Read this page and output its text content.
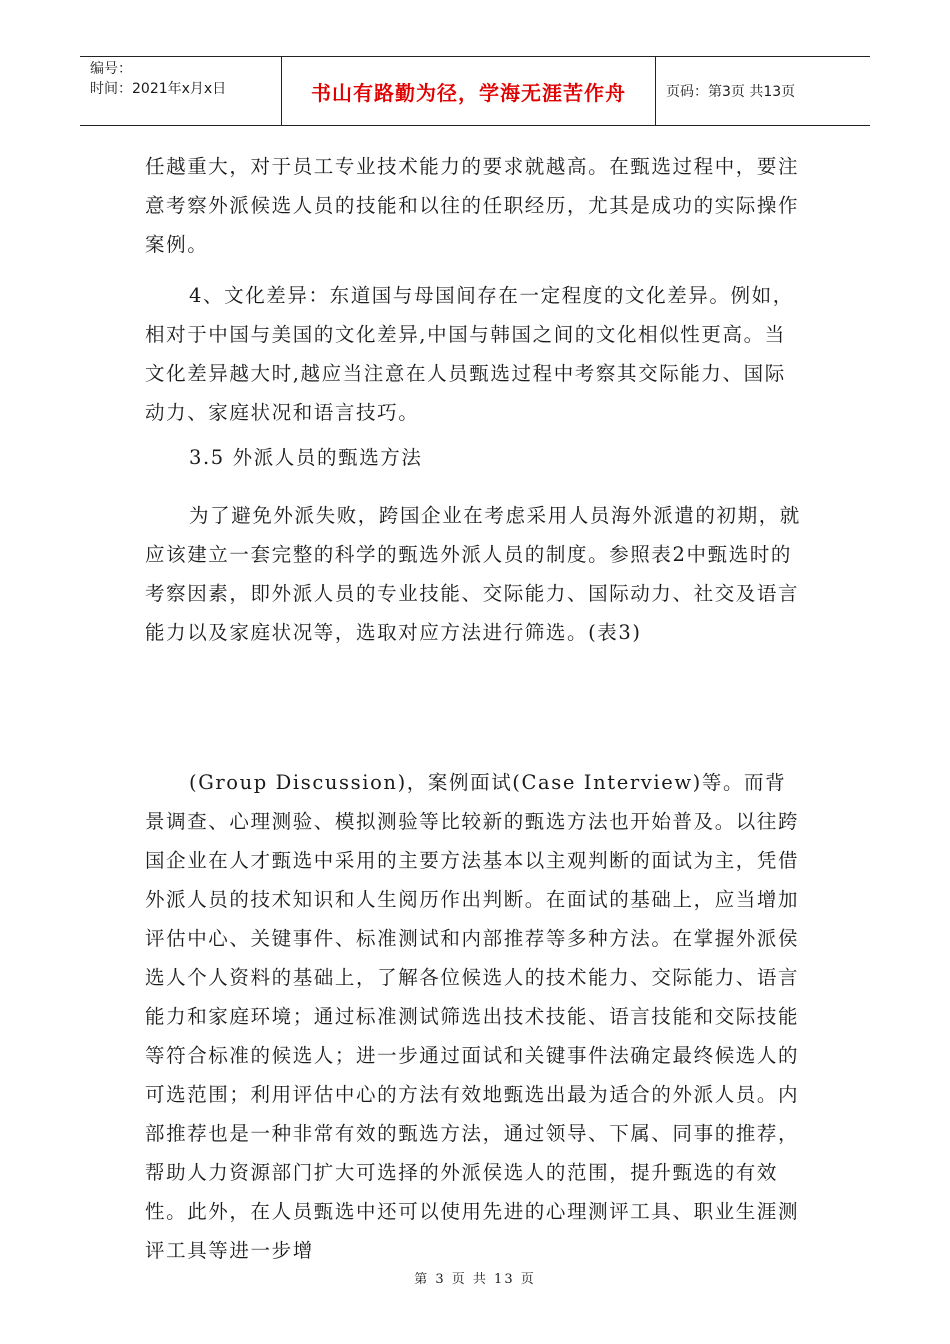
编号：
时间：2021年x月x日	书山有路勤为径，学海无涯苦作舟	页码：第3页 共13页

任越重大，对于员工专业技术能力的要求就越高。在甄选过程中，要注意考察外派候选人员的技能和以往的任职经历，尤其是成功的实际操作案例。

4、文化差异：东道国与母国间存在一定程度的文化差异。例如，相对于中国与美国的文化差异,中国与韩国之间的文化相似性更高。当文化差异越大时,越应当注意在人员甄选过程中考察其交际能力、国际动力、家庭状况和语言技巧。

3.5 外派人员的甄选方法

为了避免外派失败，跨国企业在考虑采用人员海外派遣的初期，就应该建立一套完整的科学的甄选外派人员的制度。参照表2中甄选时的考察因素，即外派人员的专业技能、交际能力、国际动力、社交及语言能力以及家庭状况等，选取对应方法进行筛选。(表3)

(Group Discussion)，案例面试(Case Interview)等。而背景调查、心理测验、模拟测验等比较新的甄选方法也开始普及。以往跨国企业在人才甄选中采用的主要方法基本以主观判断的面试为主，凭借外派人员的技术知识和人生阅历作出判断。在面试的基础上，应当增加评估中心、关键事件、标准测试和内部推荐等多种方法。在掌握外派侯选人个人资料的基础上，了解各位候选人的技术能力、交际能力、语言能力和家庭环境；通过标准测试筛选出技术技能、语言技能和交际技能等符合标准的候选人；进一步通过面试和关键事件法确定最终候选人的可选范围；利用评估中心的方法有效地甄选出最为适合的外派人员。内部推荐也是一种非常有效的甄选方法，通过领导、下属、同事的推荐，帮助人力资源部门扩大可选择的外派侯选人的范围，提升甄选的有效性。此外，在人员甄选中还可以使用先进的心理测评工具、职业生涯测评工具等进一步增

第 3 页 共 13 页
